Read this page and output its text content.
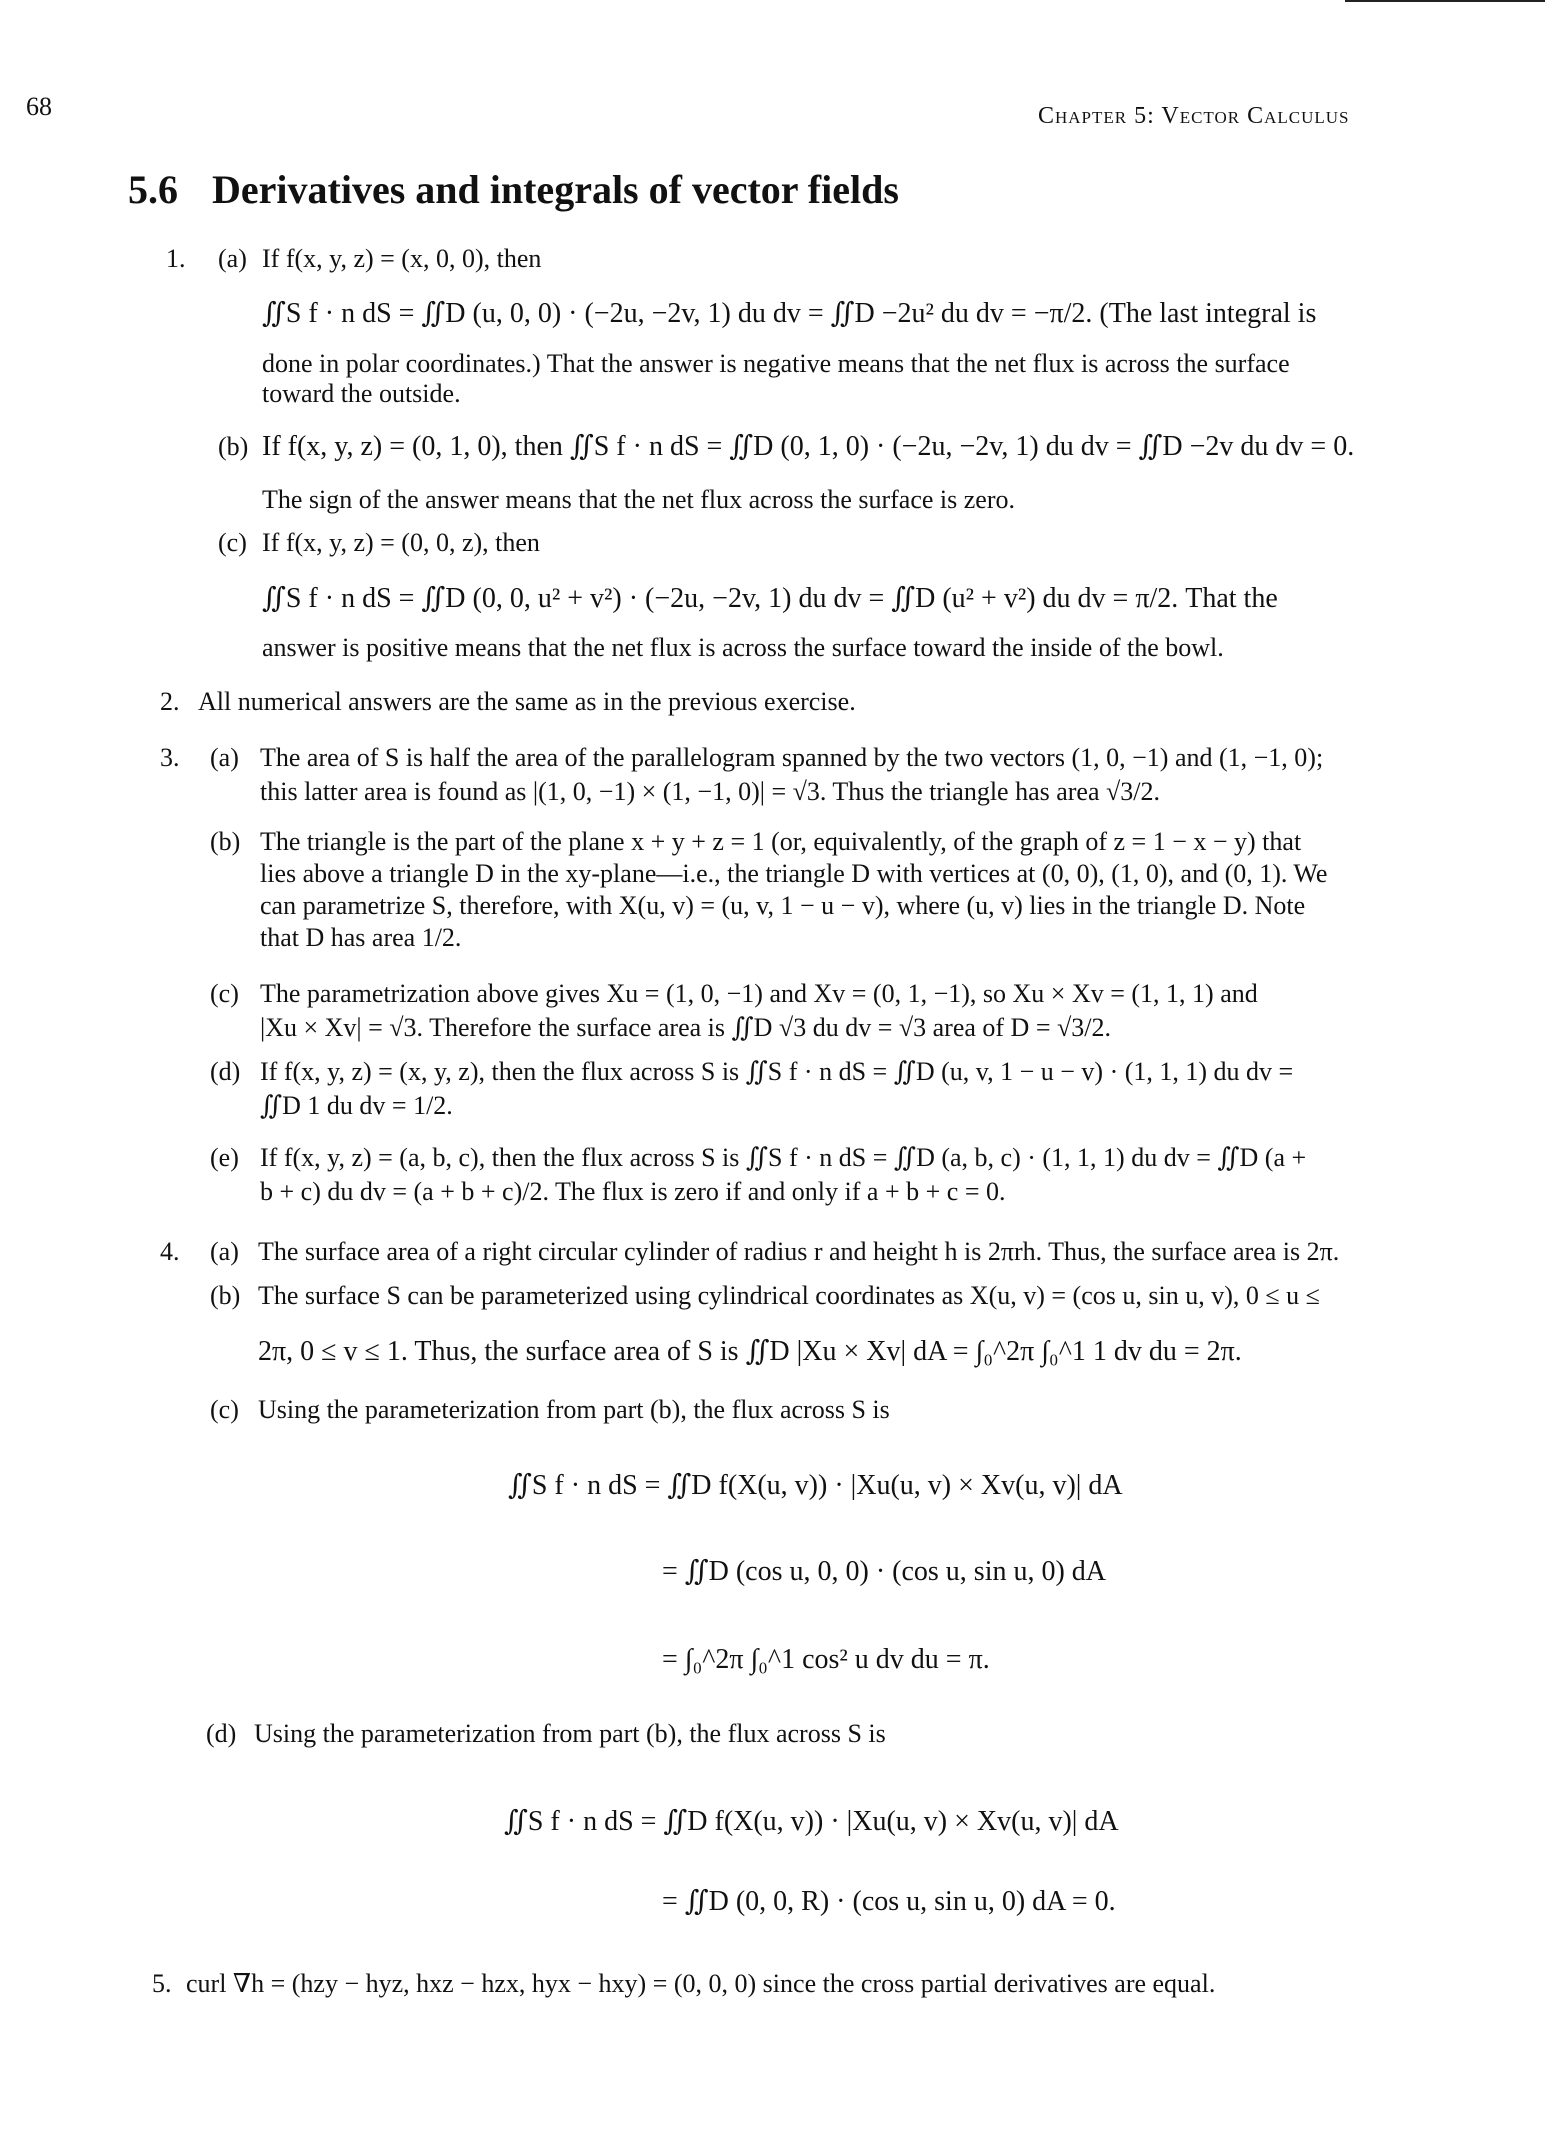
68	Chapter 5: Vector Calculus
5.6 Derivatives and integrals of vector fields
1. (a) If f(x, y, z) = (x, 0, 0), then
∬S f · n dS = ∬D (u, 0, 0) · (−2u, −2v, 1) du dv = ∬D −2u² du dv = −π/2. (The last integral is
done in polar coordinates.) That the answer is negative means that the net flux is across the surface
toward the outside.
(b) If f(x, y, z) = (0, 1, 0), then ∬S f · n dS = ∬D (0, 1, 0) · (−2u, −2v, 1) du dv = ∬D −2v du dv = 0.
The sign of the answer means that the net flux across the surface is zero.
(c) If f(x, y, z) = (0, 0, z), then
∬S f · n dS = ∬D (0, 0, u² + v²) · (−2u, −2v, 1) du dv = ∬D (u² + v²) du dv = π/2. That the
answer is positive means that the net flux is across the surface toward the inside of the bowl.
2. All numerical answers are the same as in the previous exercise.
3. (a) The area of S is half the area of the parallelogram spanned by the two vectors (1, 0, −1) and (1, −1, 0);
this latter area is found as |(1, 0, −1) × (1, −1, 0)| = √3. Thus the triangle has area √3/2.
(b) The triangle is the part of the plane x + y + z = 1 (or, equivalently, of the graph of z = 1 − x − y) that
lies above a triangle D in the xy-plane—i.e., the triangle D with vertices at (0, 0), (1, 0), and (0, 1). We
can parametrize S, therefore, with X(u, v) = (u, v, 1 − u − v), where (u, v) lies in the triangle D. Note
that D has area 1/2.
(c) The parametrization above gives Xu = (1, 0, −1) and Xv = (0, 1, −1), so Xu × Xv = (1, 1, 1) and
|Xu × Xv| = √3. Therefore the surface area is ∬D √3 du dv = √3 area of D = √3/2.
(d) If f(x, y, z) = (x, y, z), then the flux across S is ∬S f · n dS = ∬D (u, v, 1 − u − v) · (1, 1, 1) du dv =
∬D 1 du dv = 1/2.
(e) If f(x, y, z) = (a, b, c), then the flux across S is ∬S f · n dS = ∬D (a, b, c) · (1, 1, 1) du dv = ∬D (a +
b + c) du dv = (a + b + c)/2. The flux is zero if and only if a + b + c = 0.
4. (a) The surface area of a right circular cylinder of radius r and height h is 2πrh. Thus, the surface area is 2π.
(b) The surface S can be parameterized using cylindrical coordinates as X(u, v) = (cos u, sin u, v), 0 ≤ u ≤
2π, 0 ≤ v ≤ 1. Thus, the surface area of S is ∬D |Xu × Xv| dA = ∫₀^2π ∫₀^1 1 dv du = 2π.
(c) Using the parameterization from part (b), the flux across S is
∬S f · n dS = ∬D f(X(u, v)) · |Xu(u, v) × Xv(u, v)| dA
= ∬D (cos u, 0, 0) · (cos u, sin u, 0) dA
= ∫₀^2π ∫₀^1 cos² u dv du = π.
(d) Using the parameterization from part (b), the flux across S is
∬S f · n dS = ∬D f(X(u, v)) · |Xu(u, v) × Xv(u, v)| dA
= ∬D (0, 0, R) · (cos u, sin u, 0) dA = 0.
5. curl ∇h = (hzy − hyz, hxz − hzx, hyx − hxy) = (0, 0, 0) since the cross partial derivatives are equal.
